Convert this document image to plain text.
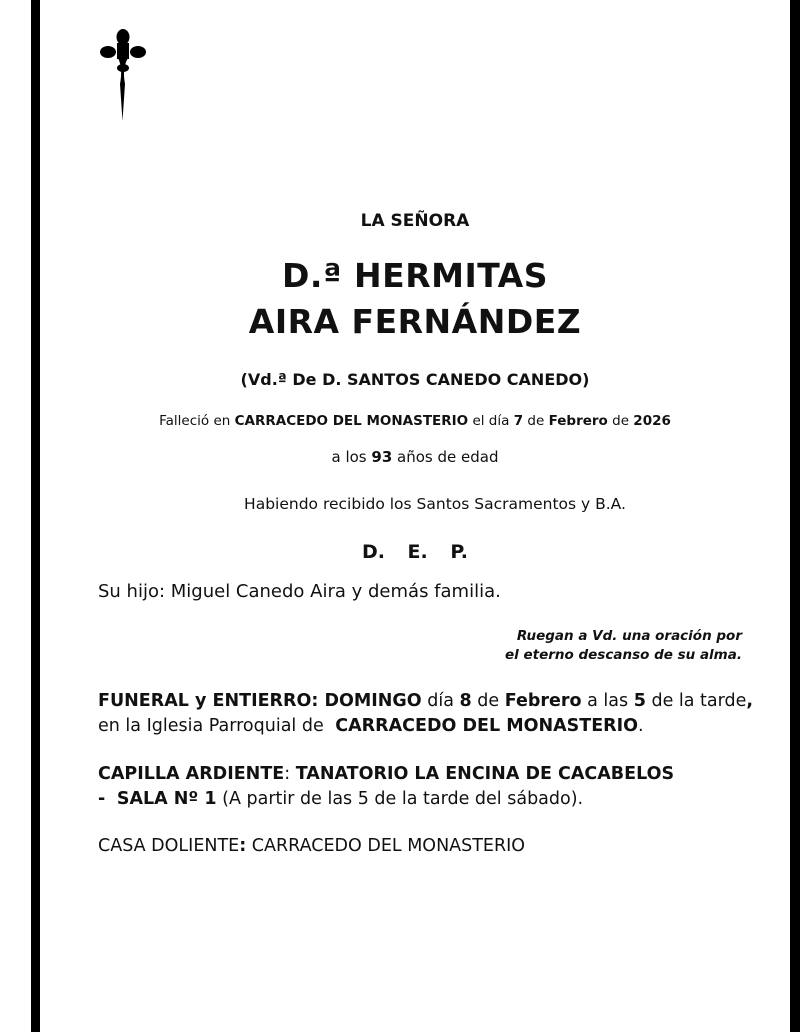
LA SEÑORA
D.ª HERMITAS
AIRA FERNÁNDEZ
(Vd.ª De D. SANTOS CANEDO CANEDO)
Falleció en CARRACEDO DEL MONASTERIO el día 7 de Febrero de 2026
a los 93 años de edad
Habiendo recibido los Santos Sacramentos y B.A.
D. E. P.
Su hijo: Miguel Canedo Aira y demás familia.
Ruegan a Vd. una oración por
el eterno descanso de su alma.
FUNERAL y ENTIERRO: DOMINGO día 8 de Febrero a las 5 de la tarde,
en la Iglesia Parroquial de CARRACEDO DEL MONASTERIO.
CAPILLA ARDIENTE: TANATORIO LA ENCINA DE CACABELOS
- SALA Nº 1 (A partir de las 5 de la tarde del sábado).
CASA DOLIENTE: CARRACEDO DEL MONASTERIO
